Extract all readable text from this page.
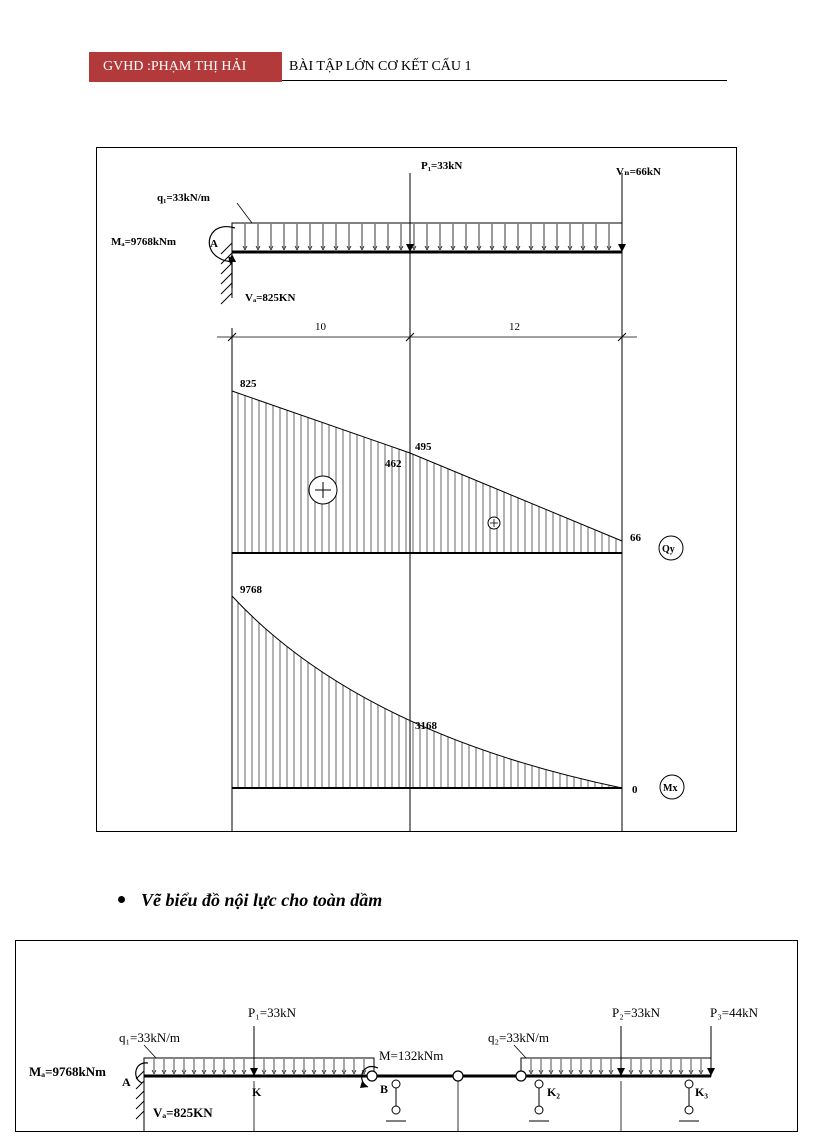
GVHD :PHẠM THỊ HẢI	BÀI TẬP LỚN CƠ KẾT CẤU 1
q₁=33kN/m
Mₐ=9768kNm	A
Vₐ=825KN
P₁=33kN	Vₙ=66kN
10	12
825
462
495
66
Qy
9768
3168
0	Mx
Vẽ biểu đồ nội lực cho toàn dầm
q₁=33kN/m
Mₐ=9768kNm
A
Vₐ=825KN
P₁=33kN
K
M=132kNm
B
q₂=33kN/m
K₂
P₂=33kN	P₃=44kN
K₃
